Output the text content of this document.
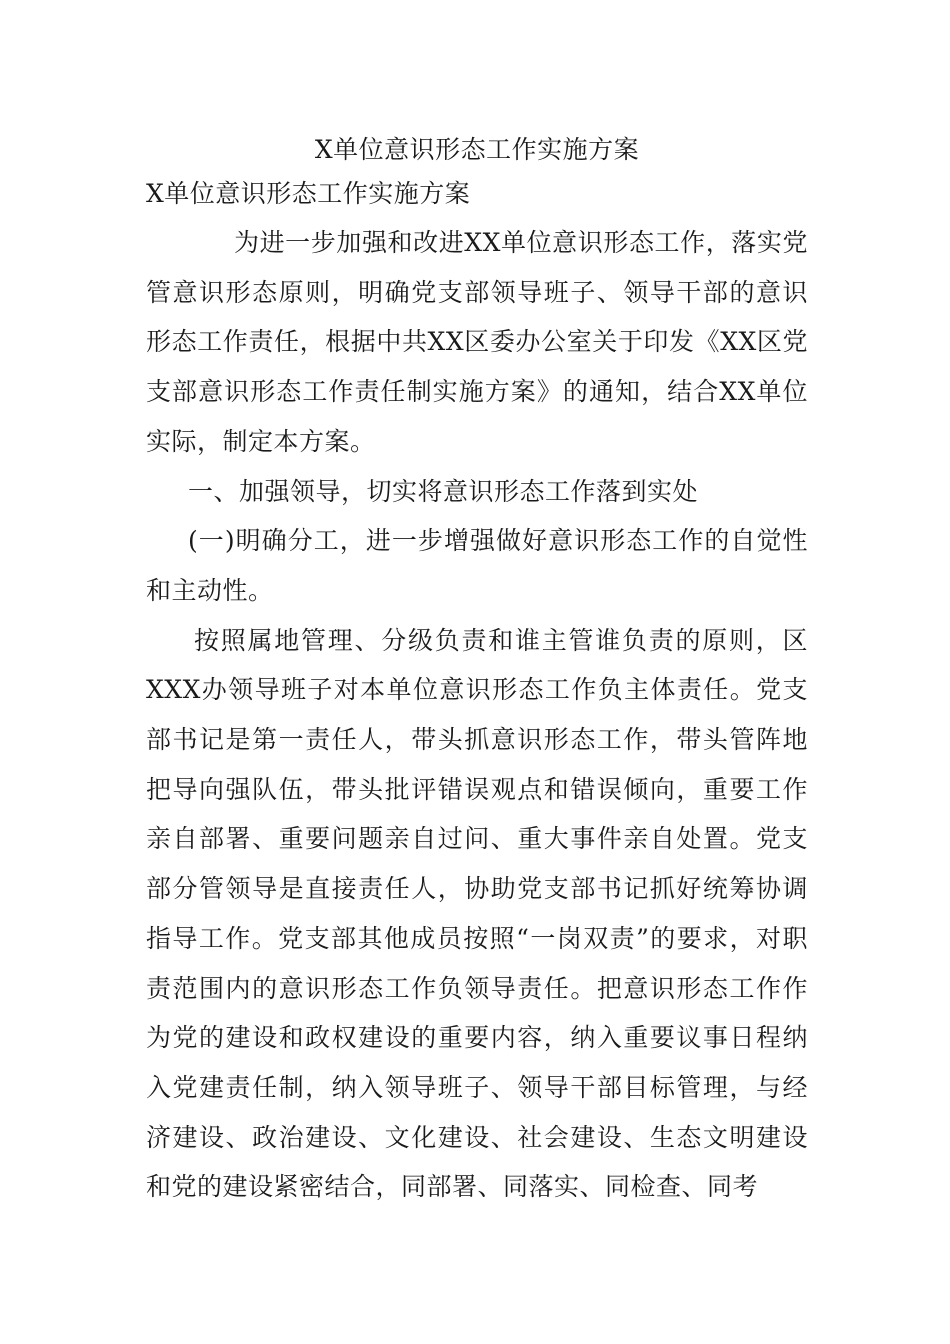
X单位意识形态工作实施方案

X单位意识形态工作实施方案

为进一步加强和改进XX单位意识形态工作，落实党管意识形态原则，明确党支部领导班子、领导干部的意识形态工作责任，根据中共XX区委办公室关于印发《XX区党支部意识形态工作责任制实施方案》的通知，结合XX单位实际，制定本方案。

一、加强领导，切实将意识形态工作落到实处

(一)明确分工，进一步增强做好意识形态工作的自觉性和主动性。

按照属地管理、分级负责和谁主管谁负责的原则，区XXX办领导班子对本单位意识形态工作负主体责任。党支部书记是第一责任人，带头抓意识形态工作，带头管阵地把导向强队伍，带头批评错误观点和错误倾向，重要工作亲自部署、重要问题亲自过问、重大事件亲自处置。党支部分管领导是直接责任人，协助党支部书记抓好统筹协调指导工作。党支部其他成员按照“一岗双责”的要求，对职责范围内的意识形态工作负领导责任。把意识形态工作作为党的建设和政权建设的重要内容，纳入重要议事日程纳入党建责任制，纳入领导班子、领导干部目标管理，与经济建设、政治建设、文化建设、社会建设、生态文明建设和党的建设紧密结合，同部署、同落实、同检查、同考
